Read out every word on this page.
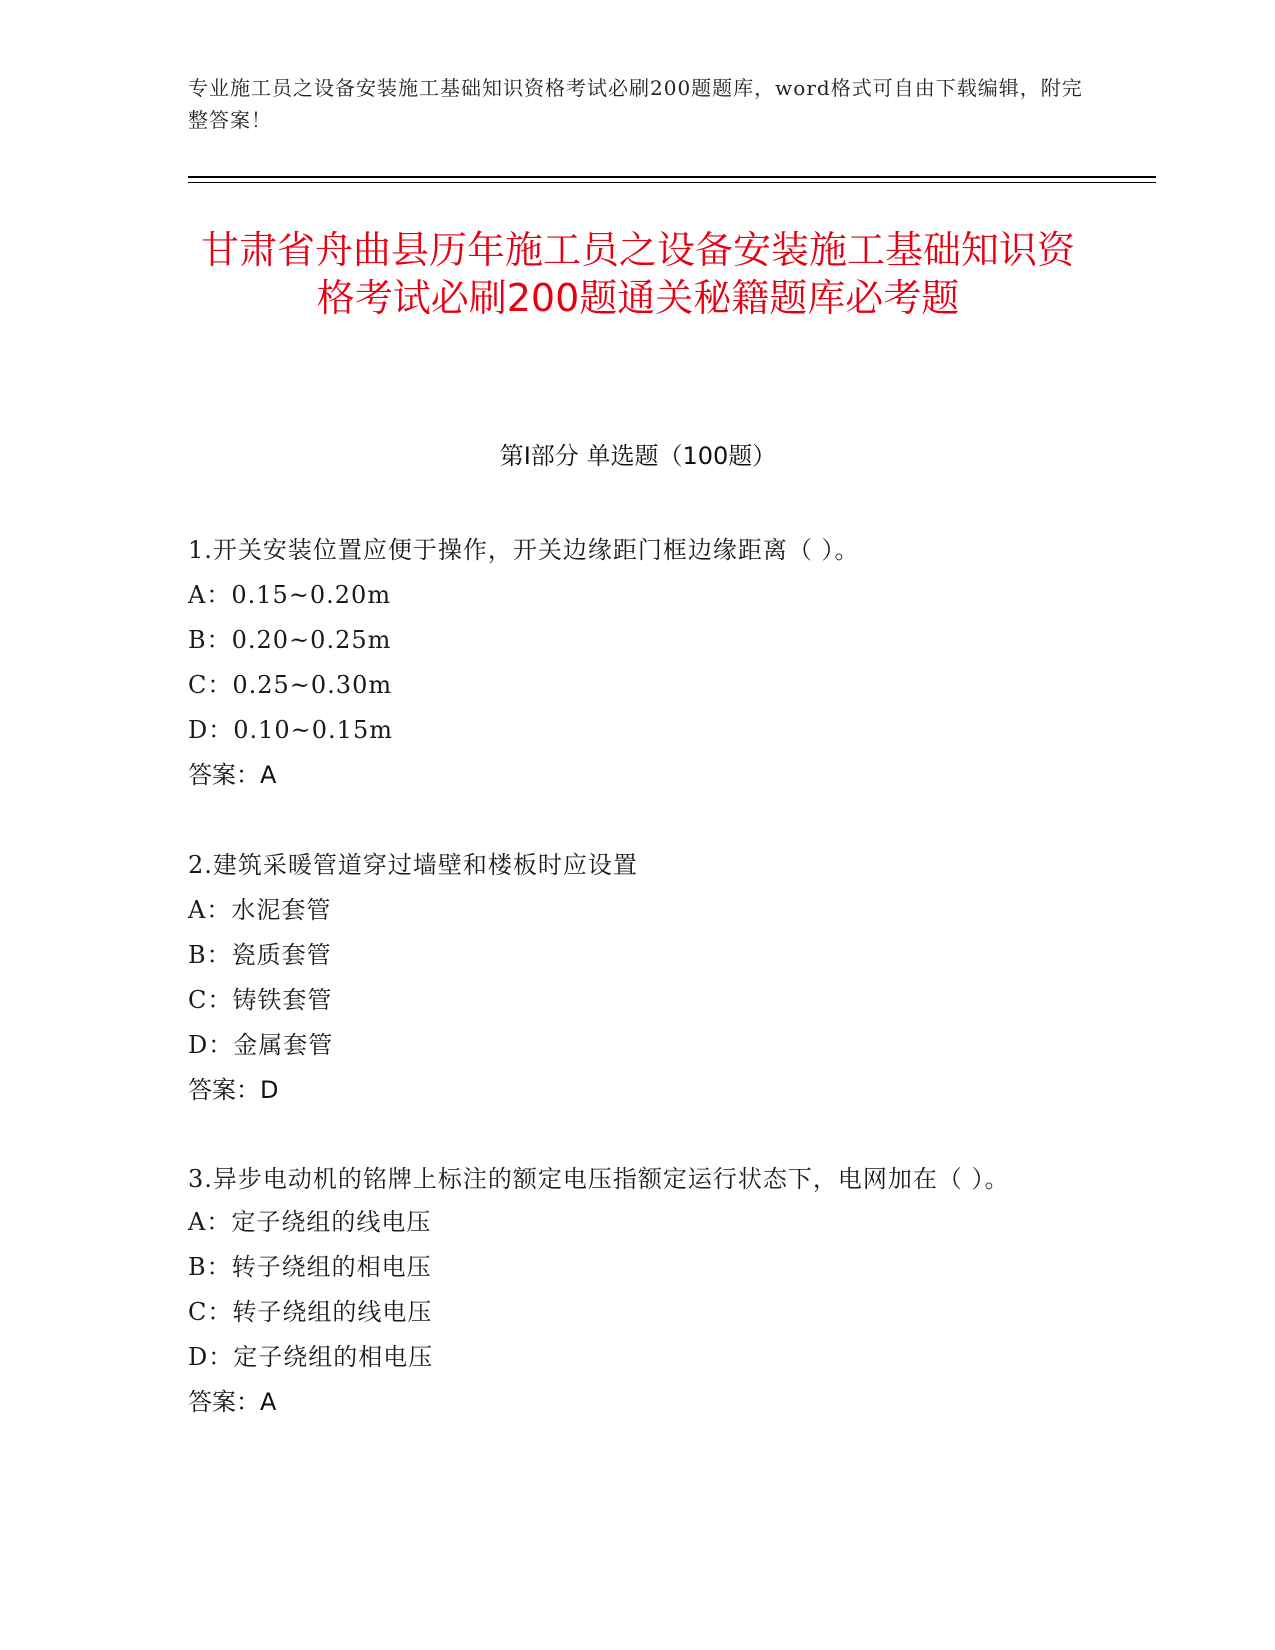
专业施工员之设备安装施工基础知识资格考试必刷200题题库，word格式可自由下载编辑，附完整答案！
甘肃省舟曲县历年施工员之设备安装施工基础知识资格考试必刷200题通关秘籍题库必考题
第Ⅰ部分 单选题（100题）
1.开关安装位置应便于操作，开关边缘距门框边缘距离（ ）。
A：0.15~0.20m
B：0.20~0.25m
C：0.25~0.30m
D：0.10~0.15m
答案：A
2.建筑采暖管道穿过墙壁和楼板时应设置
A：水泥套管
B：瓷质套管
C：铸铁套管
D：金属套管
答案：D
3.异步电动机的铭牌上标注的额定电压指额定运行状态下，电网加在（ ）。
A：定子绕组的线电压
B：转子绕组的相电压
C：转子绕组的线电压
D：定子绕组的相电压
答案：A
